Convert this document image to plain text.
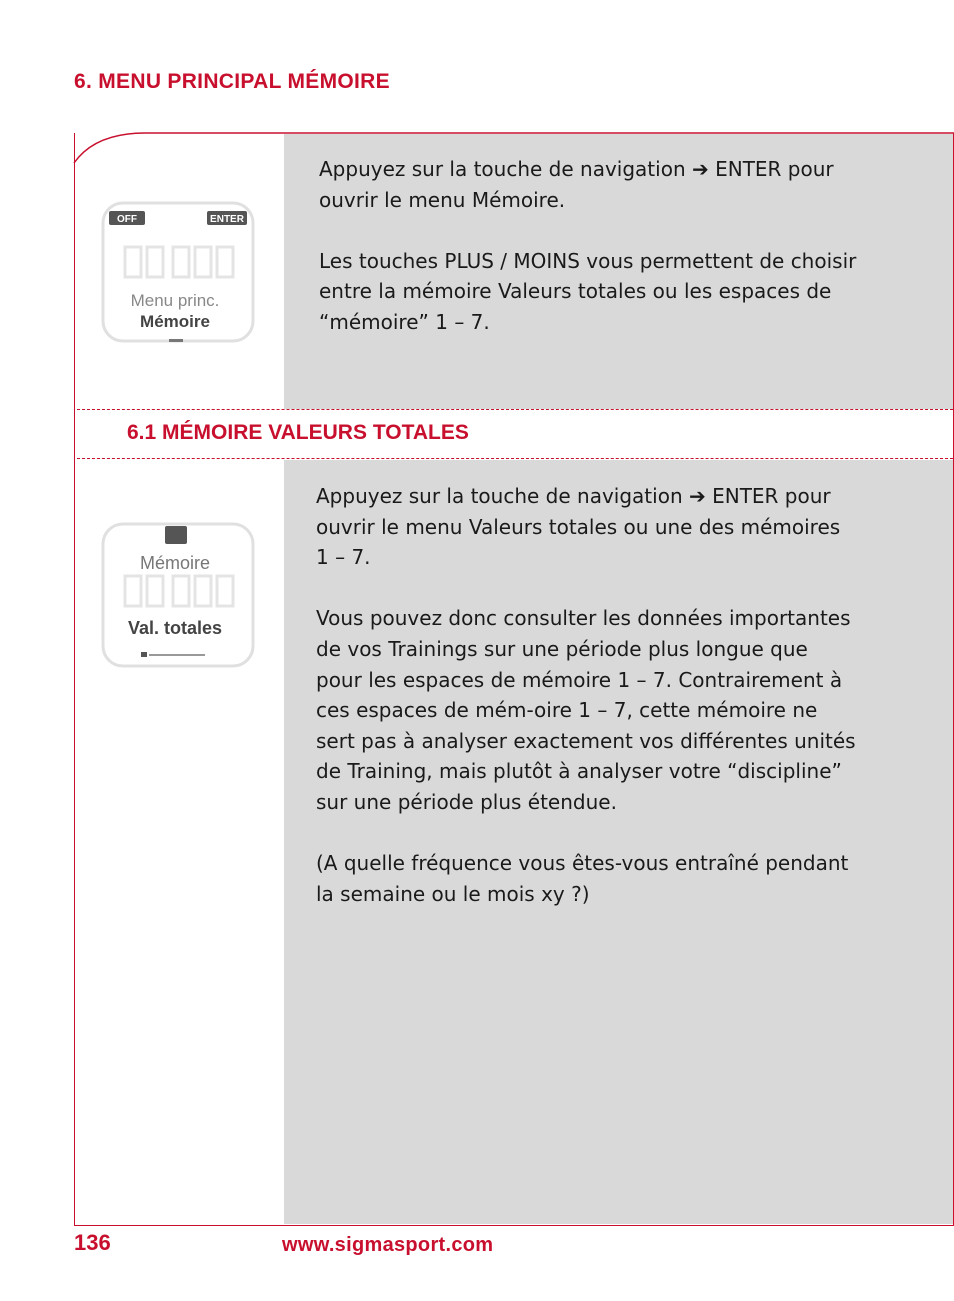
6. MENU PRINCIPAL MÉMOIRE
OFF	ENTER
Menu princ.
Mémoire

Appuyez sur la touche de navigation ➔ ENTER pour ouvrir le menu Mémoire.

Les touches PLUS / MOINS vous permettent de choisir entre la mémoire Valeurs totales ou les espaces de “mémoire” 1 – 7.

6.1 MÉMOIRE VALEURS TOTALES
Mémoire
Val. totales

Appuyez sur la touche de navigation ➔ ENTER pour ouvrir le menu Valeurs totales ou une des mémoires 1 – 7.

Vous pouvez donc consulter les données importantes de vos Trainings sur une période plus longue que pour les espaces de mémoire 1 – 7. Contrairement à ces espaces de mém-oire 1 – 7, cette mémoire ne sert pas à analyser exactement vos différentes unités de Training, mais plutôt à analyser votre “discipline” sur une période plus étendue.

(A quelle fréquence vous êtes-vous entraîné pendant la semaine ou le mois xy ?)

136	www.sigmasport.com
